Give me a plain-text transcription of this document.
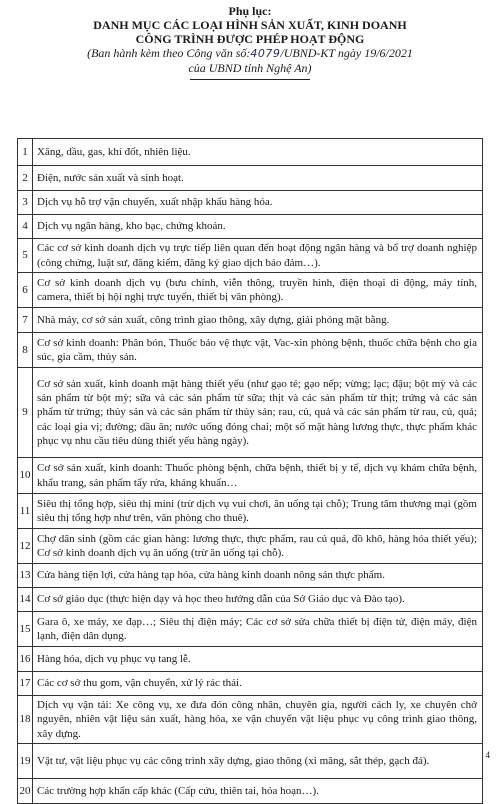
Phụ lục:
DANH MỤC CÁC LOẠI HÌNH SẢN XUẤT, KINH DOANH
CÔNG TRÌNH ĐƯỢC PHÉP HOẠT ĐỘNG
(Ban hành kèm theo Công văn số:4079/UBND-KT ngày 19/6/2021
của UBND tỉnh Nghệ An)
1	Xăng, dầu, gas, khí đốt, nhiên liệu.
2	Điện, nước sản xuất và sinh hoạt.
3	Dịch vụ hỗ trợ vận chuyển, xuất nhập khẩu hàng hóa.
4	Dịch vụ ngân hàng, kho bạc, chứng khoán.
5	Các cơ sở kinh doanh dịch vụ trực tiếp liên quan đến hoạt động ngân hàng và bổ trợ doanh nghiệp (công chứng, luật sư, đăng kiểm, đăng ký giao dịch bảo đảm…).
6	Cơ sở kinh doanh dịch vụ (bưu chính, viễn thông, truyền hình, điện thoại di động, máy tính, camera, thiết bị hội nghị trực tuyến, thiết bị văn phòng).
7	Nhà máy, cơ sở sản xuất, công trình giao thông, xây dựng, giải phóng mặt bằng.
8	Cơ sở kinh doanh: Phân bón, Thuốc bảo vệ thực vật, Vac-xin phòng bệnh, thuốc chữa bệnh cho gia súc, gia cầm, thủy sản.
9	Cơ sở sản xuất, kinh doanh mặt hàng thiết yếu (như gạo tẻ; gạo nếp; vừng; lạc; đậu; bột mỳ và các sản phẩm từ bột mỳ; sữa và các sản phẩm từ sữa; thịt và các sản phẩm từ thịt; trứng và các sản phẩm từ trứng; thủy sản và các sản phẩm từ thủy sản; rau, củ, quả và các sản phẩm từ rau, củ, quả; các loại gia vị; đường; dầu ăn; nước uống đóng chai; một số mặt hàng lương thực, thực phẩm khác phục vụ nhu cầu tiêu dùng thiết yếu hàng ngày).
10	Cơ sở sản xuất, kinh doanh: Thuốc phòng bệnh, chữa bệnh, thiết bị y tế, dịch vụ khám chữa bệnh, khẩu trang, sản phẩm tẩy rửa, kháng khuẩn…
11	Siêu thị tổng hợp, siêu thị mini (trừ dịch vụ vui chơi, ăn uống tại chỗ); Trung tâm thương mại (gồm siêu thị tổng hợp như trên, văn phòng cho thuê).
12	Chợ dân sinh (gồm các gian hàng: lương thực, thực phẩm, rau củ quả, đồ khô, hàng hóa thiết yếu); Cơ sở kinh doanh dịch vụ ăn uống (trừ ăn uống tại chỗ).
13	Cửa hàng tiện lợi, cửa hàng tạp hóa, cửa hàng kinh doanh nông sản thực phẩm.
14	Cơ sở giáo dục (thực hiện dạy và học theo hướng dẫn của Sở Giáo dục và Đào tạo).
15	Gara ô, xe máy, xe đạp…; Siêu thị điện máy; Các cơ sở sửa chữa thiết bị điện tử, điện máy, điện lạnh, điện dân dụng.
16	Hàng hóa, dịch vụ phục vụ tang lễ.
17	Các cơ sở thu gom, vận chuyển, xử lý rác thải.
18	Dịch vụ vận tải: Xe công vụ, xe đưa đón công nhân, chuyên gia, người cách ly, xe chuyên chở nguyên, nhiên vật liệu sản xuất, hàng hóa, xe vận chuyển vật liệu phục vụ công trình giao thông, xây dựng.
19	Vật tư, vật liệu phục vụ các công trình xây dựng, giao thông (xi măng, sắt thép, gạch đá).
20	Các trường hợp khẩn cấp khác (Cấp cứu, thiên tai, hỏa hoạn…).
4
